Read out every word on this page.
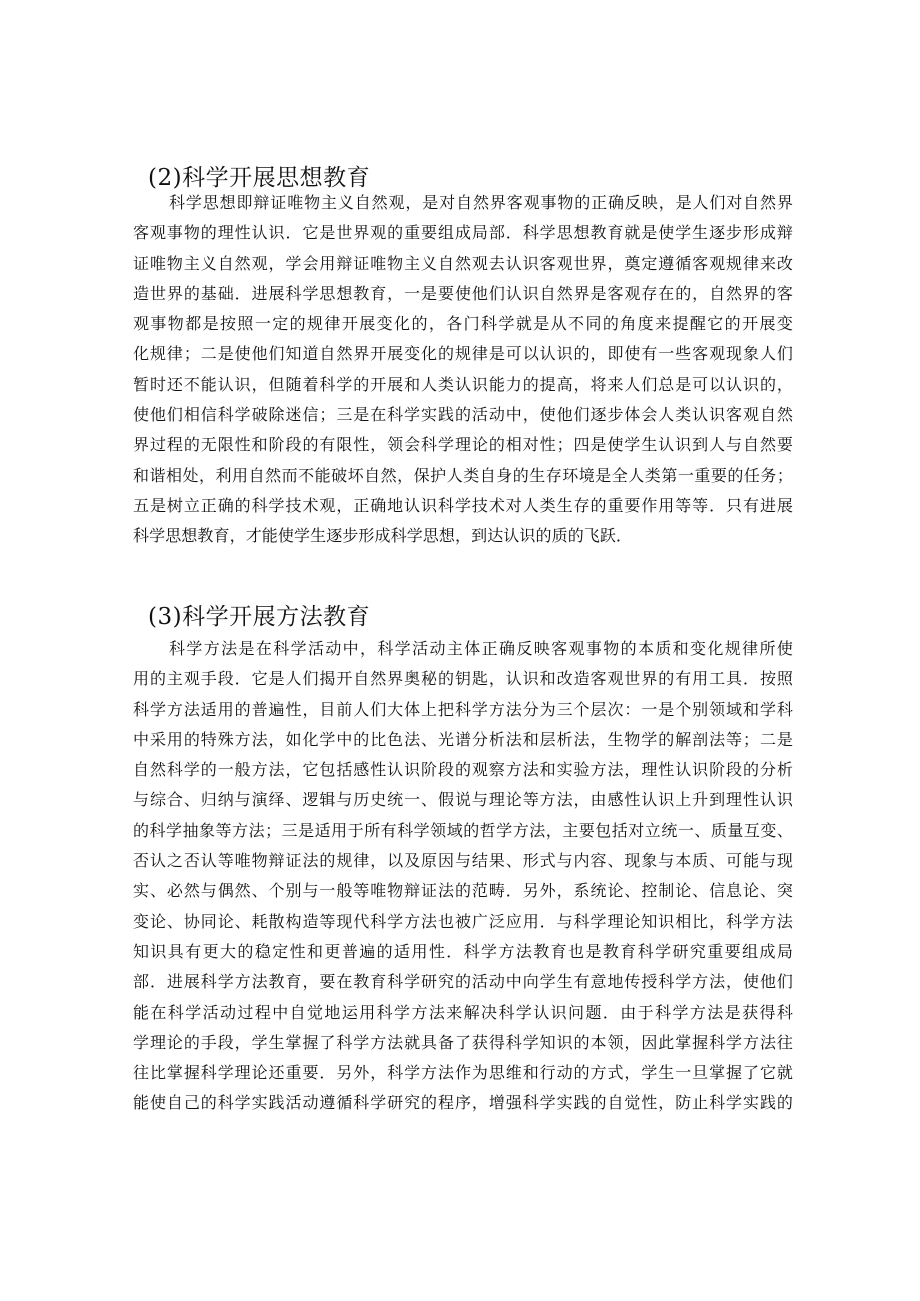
(2)科学开展思想教育
科学思想即辩证唯物主义自然观，是对自然界客观事物的正确反映，是人们对自然界
客观事物的理性认识．它是世界观的重要组成局部．科学思想教育就是使学生逐步形成辩
证唯物主义自然观，学会用辩证唯物主义自然观去认识客观世界，奠定遵循客观规律来改
造世界的基础．进展科学思想教育，一是要使他们认识自然界是客观存在的，自然界的客
观事物都是按照一定的规律开展变化的，各门科学就是从不同的角度来提醒它的开展变
化规律；二是使他们知道自然界开展变化的规律是可以认识的，即使有一些客观现象人们
暂时还不能认识，但随着科学的开展和人类认识能力的提高，将来人们总是可以认识的，
使他们相信科学破除迷信；三是在科学实践的活动中，使他们逐步体会人类认识客观自然
界过程的无限性和阶段的有限性，领会科学理论的相对性；四是使学生认识到人与自然要
和谐相处，利用自然而不能破坏自然，保护人类自身的生存环境是全人类第一重要的任务；
五是树立正确的科学技术观，正确地认识科学技术对人类生存的重要作用等等．只有进展
科学思想教育，才能使学生逐步形成科学思想，到达认识的质的飞跃．
(3)科学开展方法教育
科学方法是在科学活动中，科学活动主体正确反映客观事物的本质和变化规律所使
用的主观手段．它是人们揭开自然界奥秘的钥匙，认识和改造客观世界的有用工具．按照
科学方法适用的普遍性，目前人们大体上把科学方法分为三个层次：一是个别领域和学科
中采用的特殊方法，如化学中的比色法、光谱分析法和层析法，生物学的解剖法等；二是
自然科学的一般方法，它包括感性认识阶段的观察方法和实验方法，理性认识阶段的分析
与综合、归纳与演绎、逻辑与历史统一、假说与理论等方法，由感性认识上升到理性认识
的科学抽象等方法；三是适用于所有科学领域的哲学方法，主要包括对立统一、质量互变、
否认之否认等唯物辩证法的规律，以及原因与结果、形式与内容、现象与本质、可能与现
实、必然与偶然、个别与一般等唯物辩证法的范畴．另外，系统论、控制论、信息论、突
变论、协同论、耗散构造等现代科学方法也被广泛应用．与科学理论知识相比，科学方法
知识具有更大的稳定性和更普遍的适用性．科学方法教育也是教育科学研究重要组成局
部．进展科学方法教育，要在教育科学研究的活动中向学生有意地传授科学方法，使他们
能在科学活动过程中自觉地运用科学方法来解决科学认识问题．由于科学方法是获得科
学理论的手段，学生掌握了科学方法就具备了获得科学知识的本领，因此掌握科学方法往
往比掌握科学理论还重要．另外，科学方法作为思维和行动的方式，学生一旦掌握了它就
能使自己的科学实践活动遵循科学研究的程序，增强科学实践的自觉性，防止科学实践的
